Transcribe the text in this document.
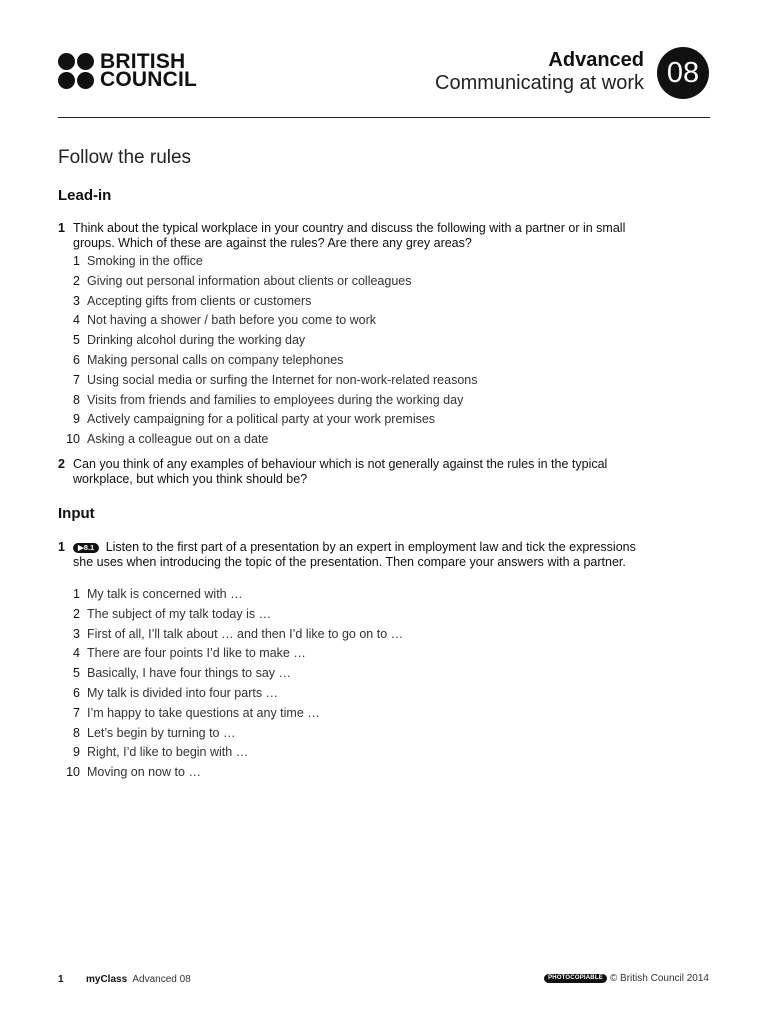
BRITISH
COUNCIL
Advanced
Communicating at work 08
Follow the rules
Lead-in
1 Think about the typical workplace in your country and discuss the following with a partner or in small groups. Which of these are against the rules? Are there any grey areas?
1 Smoking in the office
2 Giving out personal information about clients or colleagues
3 Accepting gifts from clients or customers
4 Not having a shower / bath before you come to work
5 Drinking alcohol during the working day
6 Making personal calls on company telephones
7 Using social media or surfing the Internet for non-work-related reasons
8 Visits from friends and families to employees during the working day
9 Actively campaigning for a political party at your work premises
10 Asking a colleague out on a date
2 Can you think of any examples of behaviour which is not generally against the rules in the typical workplace, but which you think should be?
Input
1	▶8.1 Listen to the first part of a presentation by an expert in employment law and tick the expressions she uses when introducing the topic of the presentation. Then compare your answers with a partner.
1 My talk is concerned with …
2 The subject of my talk today is …
3 First of all, I’ll talk about … and then I’d like to go on to …
4 There are four points I’d like to make …
5 Basically, I have four things to say …
6 My talk is divided into four parts …
7 I’m happy to take questions at any time …
8 Let’s begin by turning to …
9 Right, I’d like to begin with …
10 Moving on now to …
1 myClass Advanced 08	PHOTOCOPIABLE © British Council 2014
